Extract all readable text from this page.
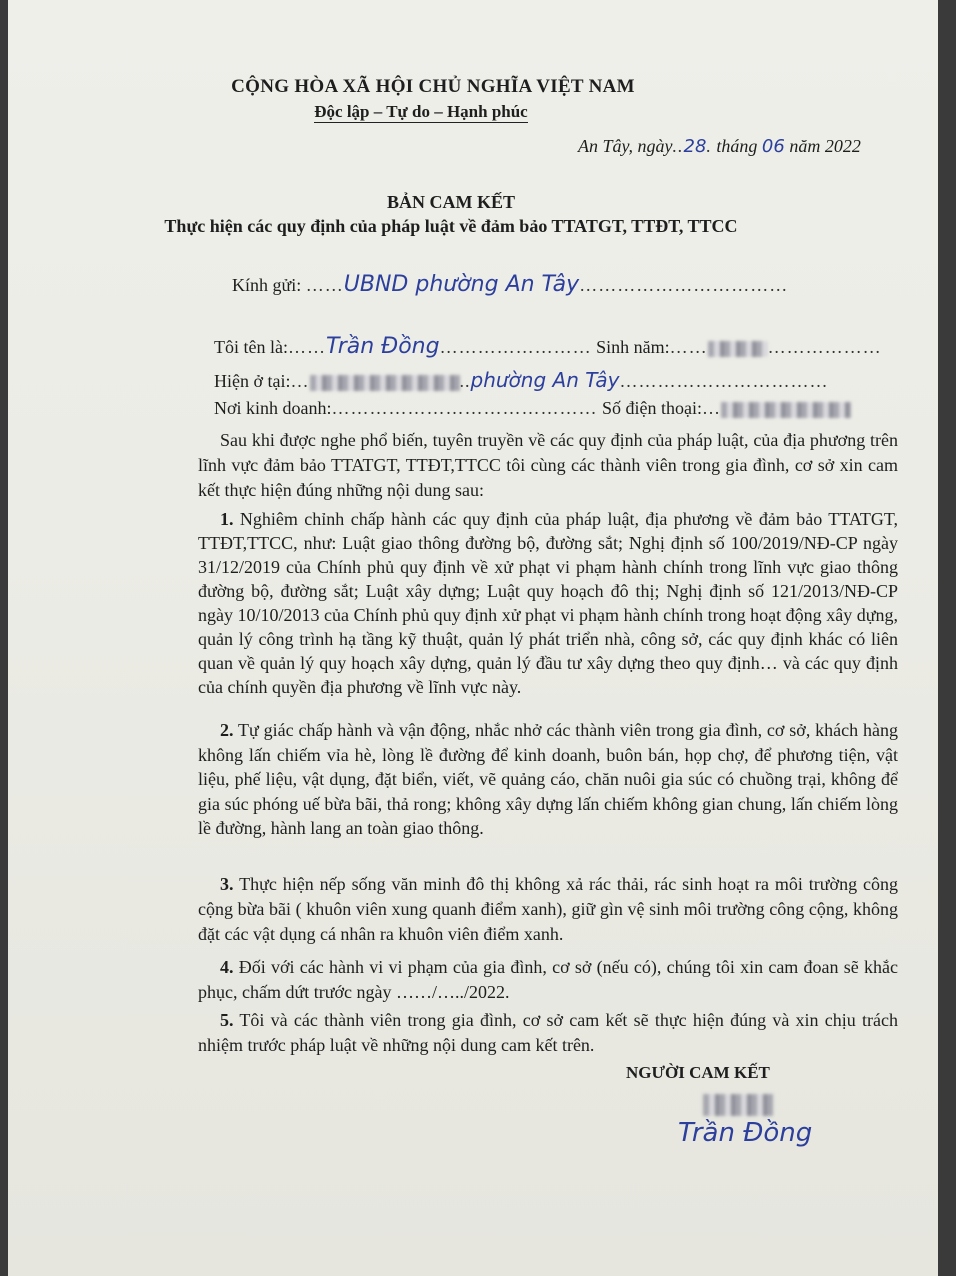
CỘNG HÒA XÃ HỘI CHỦ NGHĨA VIỆT NAM
Độc lập – Tự do – Hạnh phúc
An Tây, ngày..28. tháng 06 năm 2022
BẢN CAM KẾT
Thực hiện các quy định của pháp luật về đảm bảo TTATGT, TTĐT, TTCC
Kính gửi: ……UBND phường An Tây……………………………
Tôi tên là:……Trần Đồng…………………… Sinh năm:……	………………
Hiện ở tại:…	..phường An Tây……………………………
Nơi kinh doanh:…………………………………… Số điện thoại:…
Sau khi được nghe phổ biến, tuyên truyền về các quy định của pháp luật, của địa phương trên lĩnh vực đảm bảo TTATGT, TTĐT,TTCC tôi cùng các thành viên trong gia đình, cơ sở xin cam kết thực hiện đúng những nội dung sau:
1. Nghiêm chỉnh chấp hành các quy định của pháp luật, địa phương về đảm bảo TTATGT, TTĐT,TTCC, như: Luật giao thông đường bộ, đường sắt; Nghị định số 100/2019/NĐ-CP ngày 31/12/2019 của Chính phủ quy định về xử phạt vi phạm hành chính trong lĩnh vực giao thông đường bộ, đường sắt; Luật xây dựng; Luật quy hoạch đô thị; Nghị định số 121/2013/NĐ-CP ngày 10/10/2013 của Chính phủ quy định xử phạt vi phạm hành chính trong hoạt động xây dựng, quản lý công trình hạ tầng kỹ thuật, quản lý phát triển nhà, công sở, các quy định khác có liên quan về quản lý quy hoạch xây dựng, quản lý đầu tư xây dựng theo quy định… và các quy định của chính quyền địa phương về lĩnh vực này.
2. Tự giác chấp hành và vận động, nhắc nhở các thành viên trong gia đình, cơ sở, khách hàng không lấn chiếm vỉa hè, lòng lề đường để kinh doanh, buôn bán, họp chợ, để phương tiện, vật liệu, phế liệu, vật dụng, đặt biển, viết, vẽ quảng cáo, chăn nuôi gia súc có chuồng trại, không để gia súc phóng uế bừa bãi, thả rong; không xây dựng lấn chiếm không gian chung, lấn chiếm lòng lề đường, hành lang an toàn giao thông.
3. Thực hiện nếp sống văn minh đô thị không xả rác thải, rác sinh hoạt ra môi trường công cộng bừa bãi ( khuôn viên xung quanh điểm xanh), giữ gìn vệ sinh môi trường công cộng, không đặt các vật dụng cá nhân ra khuôn viên điểm xanh.
4. Đối với các hành vi vi phạm của gia đình, cơ sở (nếu có), chúng tôi xin cam đoan sẽ khắc phục, chấm dứt trước ngày ……/…../2022.
5. Tôi và các thành viên trong gia đình, cơ sở cam kết sẽ thực hiện đúng và xin chịu trách nhiệm trước pháp luật về những nội dung cam kết trên.
NGƯỜI CAM KẾT
Trần Đồng
